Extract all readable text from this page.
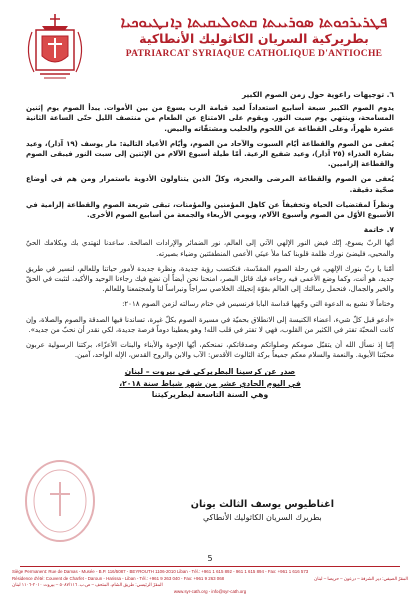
ܦܛܪܝܪܟܘܬܐ ܣܘܪܝܝܬܐ ܩܬܘܠܝܩܝܬܐ ܕܐܢܛܝܘܟܝܐ
بطريركية السريان الكاثوليك الأنطاكية
PATRIARCAT SYRIAQUE CATHOLIQUE D'ANTIOCHE
٦. توجيهات راعوية حول زمن الصوم الكبير

يدوم الصوم الكبير سبعة أسابيع استعداداً لعيد قيامة الرب يسوع من بين الأموات. يبدأ الصوم يوم إثنين المسامحة، وينتهي يوم سبت النور. ويقوم على الامتناع عن الطعام من منتصف الليل حتّى الساعة الثانية عشرة ظهراً، وعلى القطاعة عن اللحوم والحليب ومشتقّاته والبيض.

يُعفى من الصوم والقطاعة أيّام السبوت والآحاد من الصوم، وأيّام الأعياد التالية: مار يوسف (١٩ آذار)، وعيد بشارة العذراء (٢٥ آذار)، وعيد شفيع الرعية. أمّا طيلة أسبوع الآلام من الإثنين إلى سبت النور فيبقى الصوم والقطاعة إلزاميين.

يُعفى من الصوم والقطاعة المرضى والعجزة، وكلّ الذين يتناولون الأدوية باستمرار ومن هم في أوضاع صحّية دقيقة.

ونظراً لمقتضيات الحياة وتخفيفاً عن كاهل المؤمنين والمؤمنات، تبقى شريعة الصوم والقطاعة إلزامية في الأسبوع الأوّل من الصوم وأسبوع الآلام، ويومي الأربعاء والجمعة من أسابيع الصوم الأخرى.

٧. خاتمة

أيّها الربّ يسوع، إنّك فيض النور الإلهي الآتي إلى العالم، نور الضمائر والإرادات الصالحة. ساعدنا لنهتدي بك وبكلامك الحيّ والمحيي، فليضئ نورك ظلمة قلوبنا كما ملأ عينَي الأعمى المنطفئتين وضياء بصيرته.

أمّنا يا ربّ بنورك الإلهي، في رحلة الصوم المقدّسة، فنكتسب رؤية جديدة، ونظرة جديدة لأمور حياتنا وللعالم، لنسير في طريق جديد، هو أنت، وكما وضع الأعمى فيه رجاءه فيك قائل البصر، امنحنا نحن أيضاً أن نضع فيك رجاءنا الوحيد والأكيد، لتثبت في الحقّ والخير والجمال، فنحمل رسالتك إلى العالم بقوّة إنجيلك الخلاصي سراجاً ونبراساً لنا ولمجتمعنا وللعالم.

وختاماً لا نشبع به الدعوة التي وجّهها قداسة البابا فرنسيس في ختام رسالته لزمن الصوم ٢٠١٨:

«أدعو قبل كلّ شيء، أعضاء الكنيسة إلى الانطلاق بحميّة في مسيرة الصوم بكلّ غيرة، تساندنا فيها الصدقة والصوم والصلاة، وإن كانت المحبّة تفتر في الكثير من القلوب، فهي لا تفتر في قلب الله! وهو يعطينا دوماً فرصة جديدة، لكي نقدر أن نحبّ من جديد».

إنّنا إذ نسأل الله أن يتقبّل صومكم وصلواتكم وصدقاتكم، نمنحكم، أيّها الإخوة والأبناء والبنات الأعزّاء، بركتنا الرسولية عربون محبّتنا الأبوية. والنعمة والسلام معكم جميعاً بركة الثالوث الأقدس: الآب والابن والروح القدس، الإله الواحد، آمين.

صدر عن كرسينا البطريركي في بيروت – لبنان
في اليوم الحادي عشر من شهر شباط سنة ٢٠١٨،
وهي السنة التاسعة لبطريركيتنا
اغناطيوس يوسف الثالث يونان
بطريرك السريان الكاثوليك الأنطاكي
5
Siège Permanent: Rue de Damas - Musée - B.P. 116/5087 - BEYROUTH 1106-2010 Liban - Tél.: +961 1 615 892 - 961 1 615 894 - Fax: +961 1 616 573
Résidence d'été: Couvent de Charfet - Daroun - Harissa - Liban - Tél.: +961 9 263 040 - Fax: +961 9 263 068	المقرّ الصيفي: دير الشرفة – درعون – حريصا – لبنان
المقرّ الرئيسي: طريق الشام، المتحف – ص.ب. ٥٠٨٧/١١٦ – بيروت ٢٠١٠-١١٠٦ لبنان
www.syr-cath.org - info@syr-cath.org
